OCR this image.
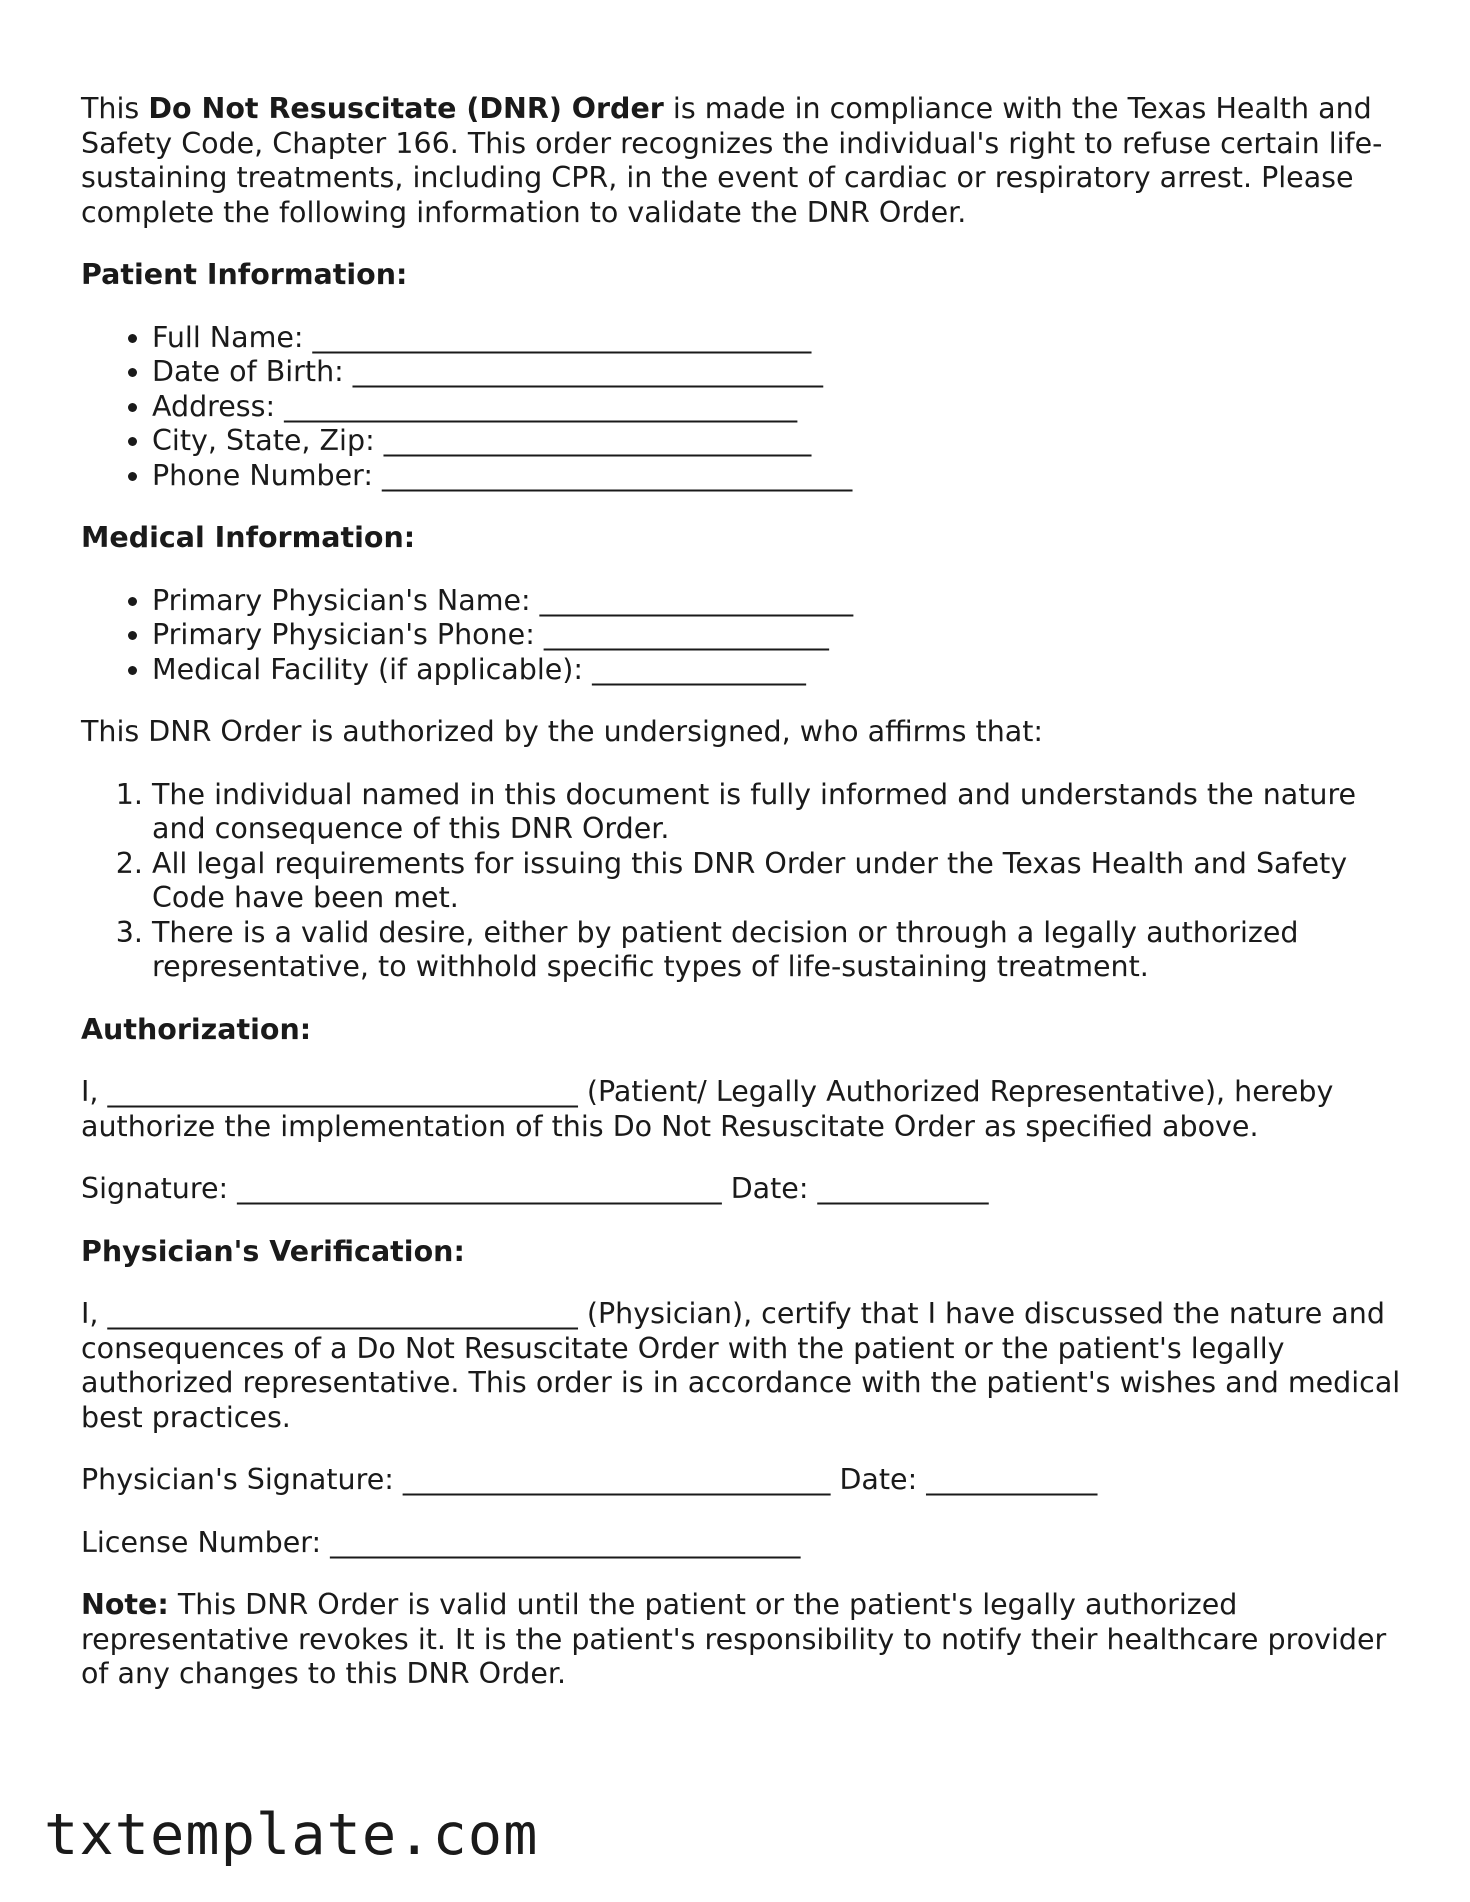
This Do Not Resuscitate (DNR) Order is made in compliance with the Texas Health and Safety Code, Chapter 166. This order recognizes the individual's right to refuse certain life-sustaining treatments, including CPR, in the event of cardiac or respiratory arrest. Please complete the following information to validate the DNR Order.

Patient Information:

• Full Name: ___________________________________
• Date of Birth: _________________________________
• Address: ____________________________________
• City, State, Zip: ______________________________
• Phone Number: _________________________________

Medical Information:

• Primary Physician's Name: ______________________
• Primary Physician's Phone: ____________________
• Medical Facility (if applicable): _______________

This DNR Order is authorized by the undersigned, who affirms that:

1. The individual named in this document is fully informed and understands the nature and consequence of this DNR Order.
2. All legal requirements for issuing this DNR Order under the Texas Health and Safety Code have been met.
3. There is a valid desire, either by patient decision or through a legally authorized representative, to withhold specific types of life-sustaining treatment.

Authorization:

I, _________________________________ (Patient/ Legally Authorized Representative), hereby authorize the implementation of this Do Not Resuscitate Order as specified above.

Signature: __________________________________ Date: ____________

Physician's Verification:

I, _________________________________ (Physician), certify that I have discussed the nature and consequences of a Do Not Resuscitate Order with the patient or the patient's legally authorized representative. This order is in accordance with the patient's wishes and medical best practices.

Physician's Signature: ______________________________ Date: ____________

License Number: _________________________________

Note: This DNR Order is valid until the patient or the patient's legally authorized representative revokes it. It is the patient's responsibility to notify their healthcare provider of any changes to this DNR Order.

txtemplate.com
